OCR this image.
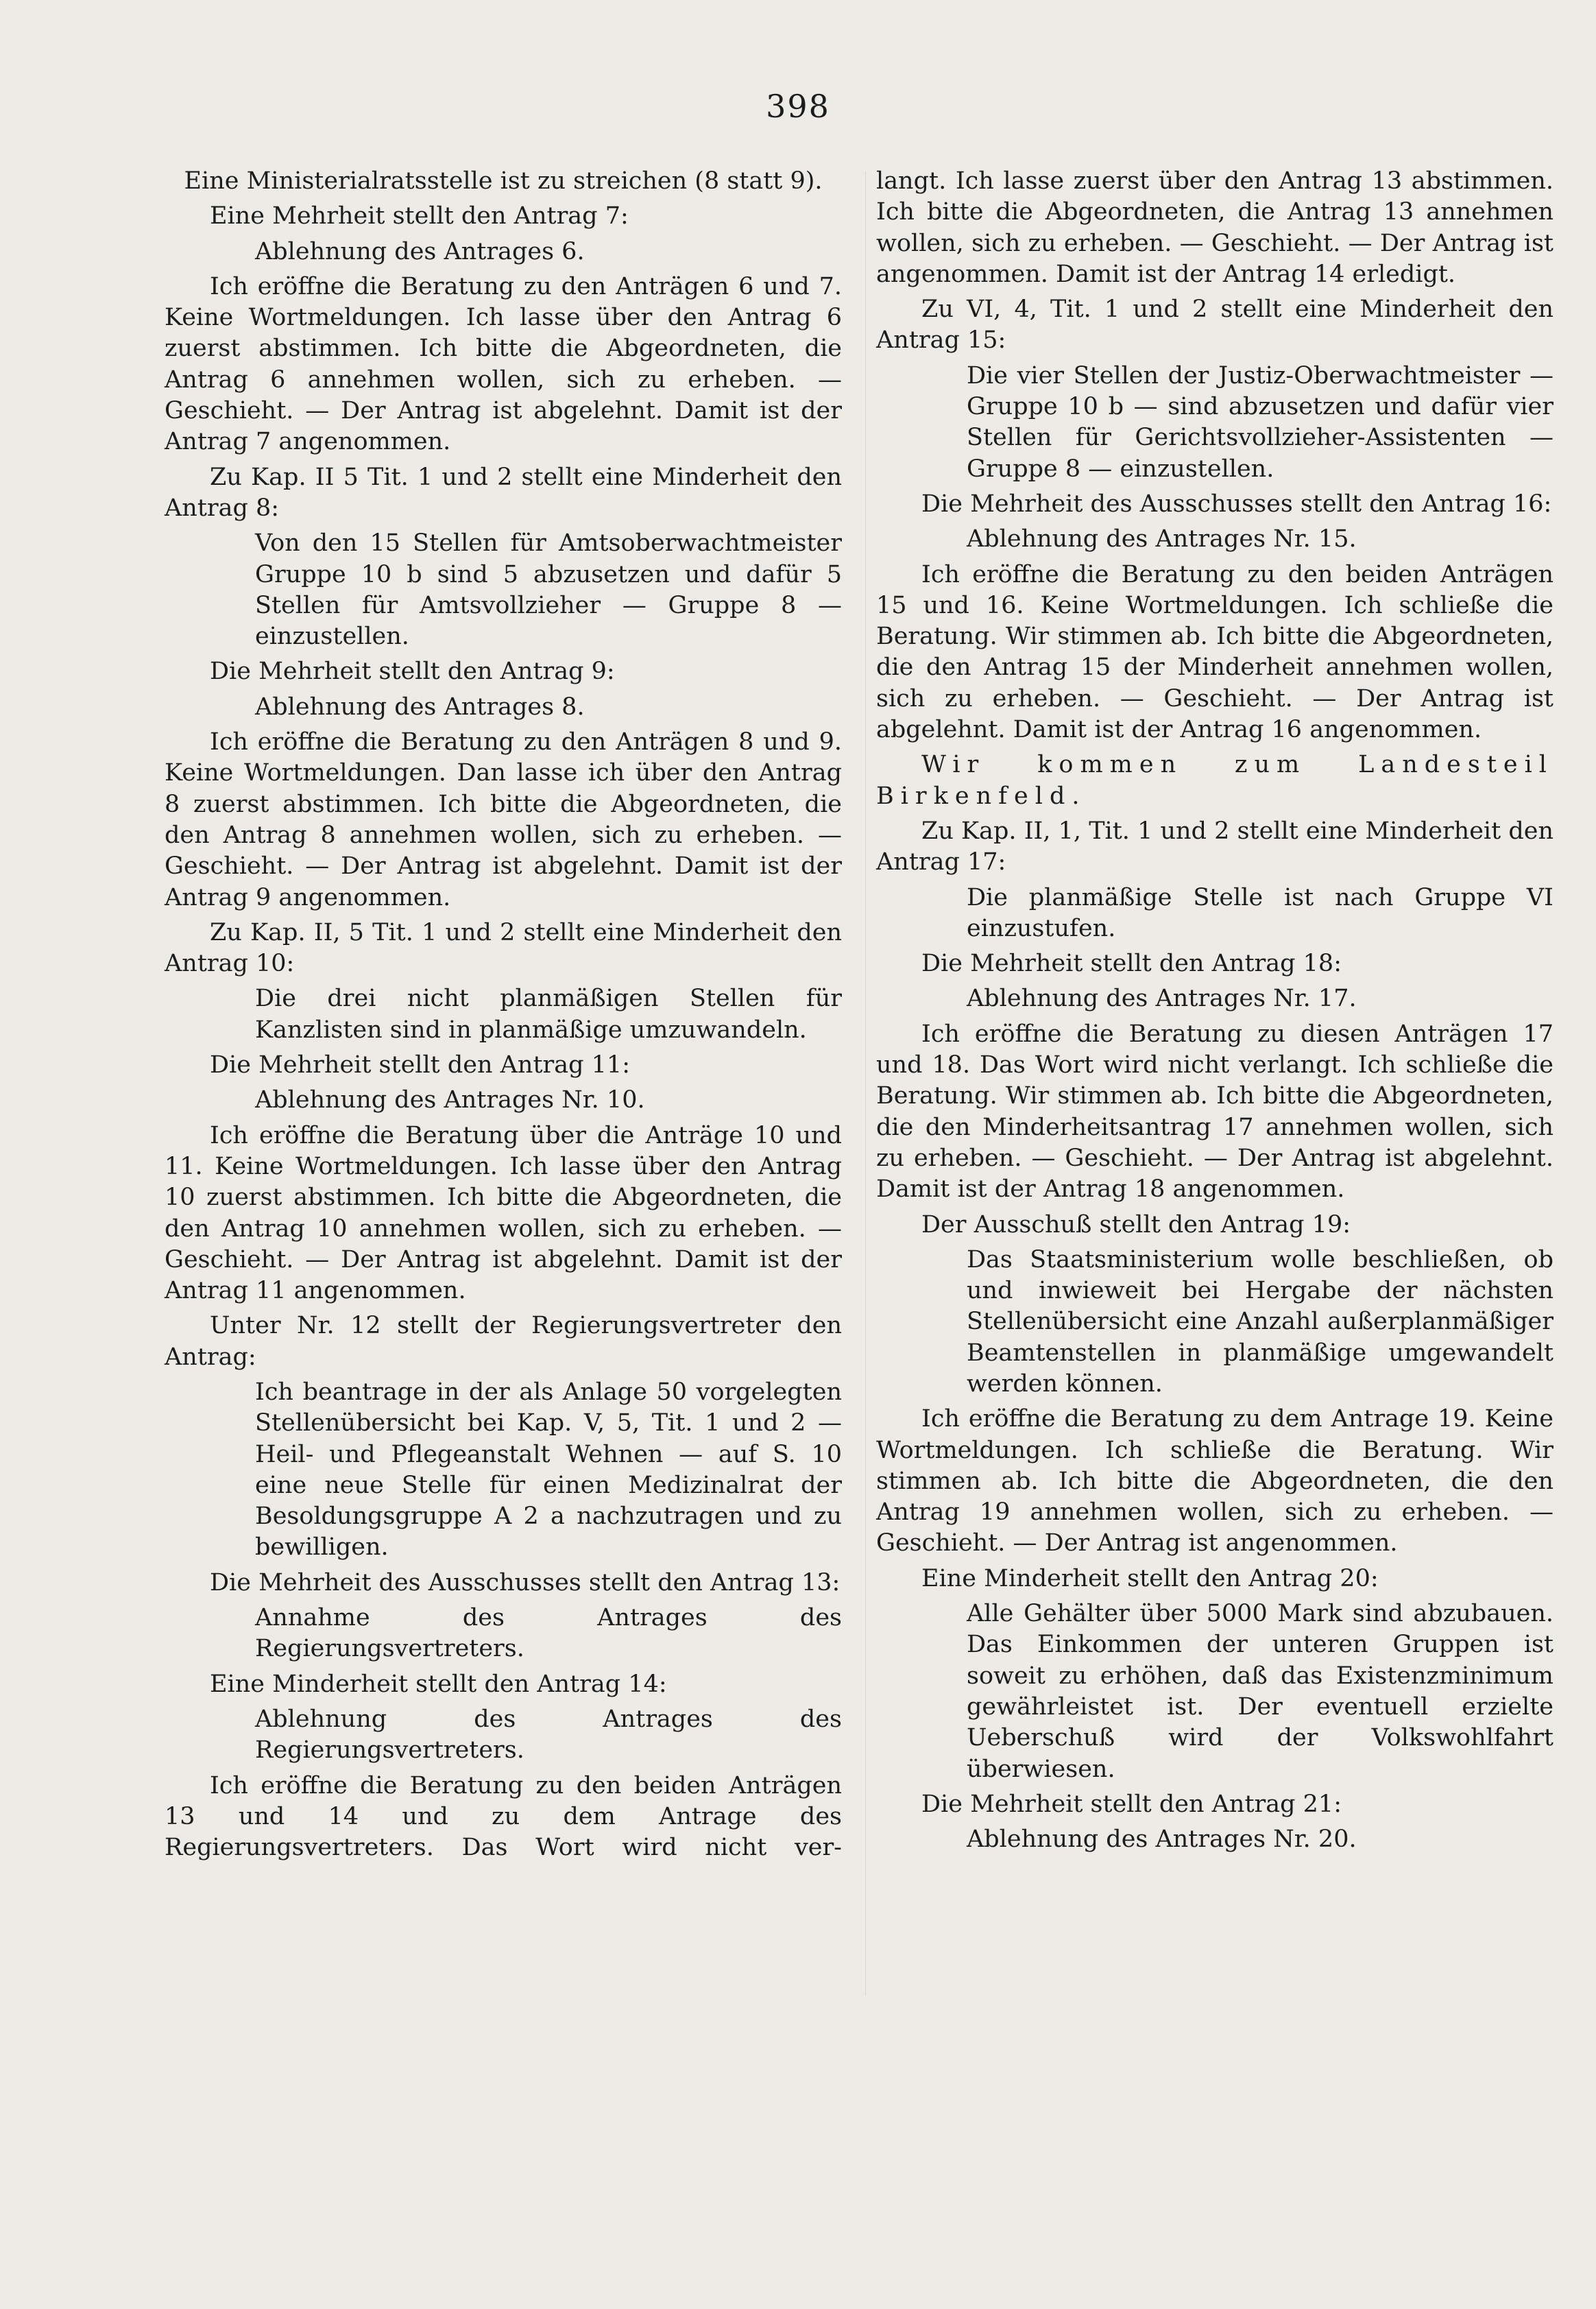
398

Eine Ministerialratsstelle ist zu streichen (8 statt 9).

Eine Mehrheit stellt den Antrag 7:

Ablehnung des Antrages 6.

Ich eröffne die Beratung zu den Anträgen 6 und 7. Keine Wortmeldungen. Ich lasse über den Antrag 6 zuerst abstimmen. Ich bitte die Abgeordneten, die Antrag 6 annehmen wollen, sich zu erheben. — Geschieht. — Der Antrag ist abgelehnt. Damit ist der Antrag 7 angenommen.

Zu Kap. II 5 Tit. 1 und 2 stellt eine Minderheit den Antrag 8:

Von den 15 Stellen für Amtsoberwachtmeister Gruppe 10 b sind 5 abzusetzen und dafür 5 Stellen für Amtsvollzieher — Gruppe 8 — einzustellen.

Die Mehrheit stellt den Antrag 9:

Ablehnung des Antrages 8.

Ich eröffne die Beratung zu den Anträgen 8 und 9. Keine Wortmeldungen. Dan lasse ich über den Antrag 8 zuerst abstimmen. Ich bitte die Abgeordneten, die den Antrag 8 annehmen wollen, sich zu erheben. — Geschieht. — Der Antrag ist abgelehnt. Damit ist der Antrag 9 angenommen.

Zu Kap. II, 5 Tit. 1 und 2 stellt eine Minderheit den Antrag 10:

Die drei nicht planmäßigen Stellen für Kanzlisten sind in planmäßige umzuwandeln.

Die Mehrheit stellt den Antrag 11:

Ablehnung des Antrages Nr. 10.

Ich eröffne die Beratung über die Anträge 10 und 11. Keine Wortmeldungen. Ich lasse über den Antrag 10 zuerst abstimmen. Ich bitte die Abgeordneten, die den Antrag 10 annehmen wollen, sich zu erheben. — Geschieht. — Der Antrag ist abgelehnt. Damit ist der Antrag 11 angenommen.

Unter Nr. 12 stellt der Regierungsvertreter den Antrag:

Ich beantrage in der als Anlage 50 vorgelegten Stellenübersicht bei Kap. V, 5, Tit. 1 und 2 — Heil- und Pflegeanstalt Wehnen — auf S. 10 eine neue Stelle für einen Medizinalrat der Besoldungsgruppe A 2 a nachzutragen und zu bewilligen.

Die Mehrheit des Ausschusses stellt den Antrag 13:

Annahme des Antrages des Regierungsvertreters.

Eine Minderheit stellt den Antrag 14:

Ablehnung des Antrages des Regierungsvertreters.

Ich eröffne die Beratung zu den beiden Anträgen 13 und 14 und zu dem Antrage des Regierungsvertreters. Das Wort wird nicht ver-

langt. Ich lasse zuerst über den Antrag 13 abstimmen. Ich bitte die Abgeordneten, die Antrag 13 annehmen wollen, sich zu erheben. — Geschieht. — Der Antrag ist angenommen. Damit ist der Antrag 14 erledigt.

Zu VI, 4, Tit. 1 und 2 stellt eine Minderheit den Antrag 15:

Die vier Stellen der Justiz-Oberwachtmeister — Gruppe 10 b — sind abzusetzen und dafür vier Stellen für Gerichtsvollzieher-Assistenten — Gruppe 8 — einzustellen.

Die Mehrheit des Ausschusses stellt den Antrag 16:

Ablehnung des Antrages Nr. 15.

Ich eröffne die Beratung zu den beiden Anträgen 15 und 16. Keine Wortmeldungen. Ich schließe die Beratung. Wir stimmen ab. Ich bitte die Abgeordneten, die den Antrag 15 der Minderheit annehmen wollen, sich zu erheben. — Geschieht. — Der Antrag ist abgelehnt. Damit ist der Antrag 16 angenommen.

Wir kommen zum Landesteil Birkenfeld.

Zu Kap. II, 1, Tit. 1 und 2 stellt eine Minderheit den Antrag 17:

Die planmäßige Stelle ist nach Gruppe VI einzustufen.

Die Mehrheit stellt den Antrag 18:

Ablehnung des Antrages Nr. 17.

Ich eröffne die Beratung zu diesen Anträgen 17 und 18. Das Wort wird nicht verlangt. Ich schließe die Beratung. Wir stimmen ab. Ich bitte die Abgeordneten, die den Minderheitsantrag 17 annehmen wollen, sich zu erheben. — Geschieht. — Der Antrag ist abgelehnt. Damit ist der Antrag 18 angenommen.

Der Ausschuß stellt den Antrag 19:

Das Staatsministerium wolle beschließen, ob und inwieweit bei Hergabe der nächsten Stellenübersicht eine Anzahl außerplanmäßiger Beamtenstellen in planmäßige umgewandelt werden können.

Ich eröffne die Beratung zu dem Antrage 19. Keine Wortmeldungen. Ich schließe die Beratung. Wir stimmen ab. Ich bitte die Abgeordneten, die den Antrag 19 annehmen wollen, sich zu erheben. — Geschieht. — Der Antrag ist angenommen.

Eine Minderheit stellt den Antrag 20:

Alle Gehälter über 5000 Mark sind abzubauen. Das Einkommen der unteren Gruppen ist soweit zu erhöhen, daß das Existenzminimum gewährleistet ist. Der eventuell erzielte Ueberschuß wird der Volkswohlfahrt überwiesen.

Die Mehrheit stellt den Antrag 21:

Ablehnung des Antrages Nr. 20.
